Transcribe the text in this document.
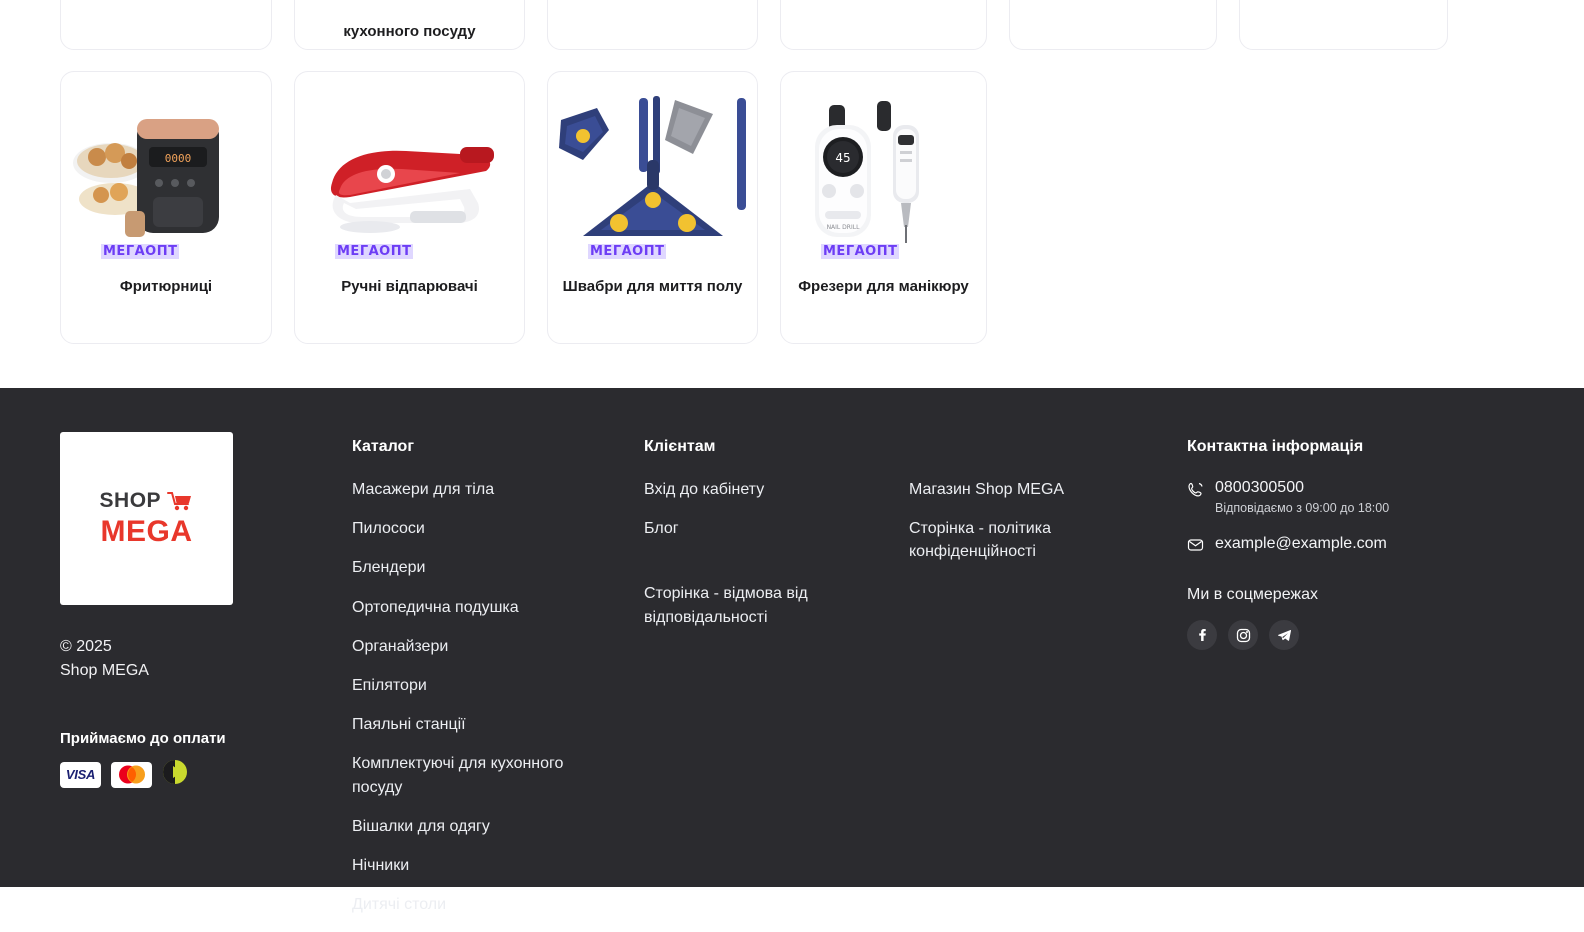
кухонного посуду
0000
МЕГАОПТ
Фритюрниці
МЕГАОПТ
Ручні відпарювачі
МЕГАОПТ
Швабри для миття полу
45
NAIL DRILL
МЕГАОПТ
Фрезери для манікюру
SHOP
MEGA
© 2025
Shop MEGA
Приймаємо до оплати
VISA
Каталог
Масажери для тіла
Пилососи
Блендери
Ортопедична подушка
Органайзери
Епілятори
Паяльні станції
Комплектуючі для кухонного посуду
Вішалки для одягу
Нічники
Дитячі столи
Клієнтам
Вхід до кабінету
Блог
Сторінка - відмова від відповідальності
Магазин Shop MEGA
Сторінка - політика конфіденційності
Контактна інформація
0800300500
Відповідаємо з 09:00 до 18:00
example@example.com
Ми в соцмережах
